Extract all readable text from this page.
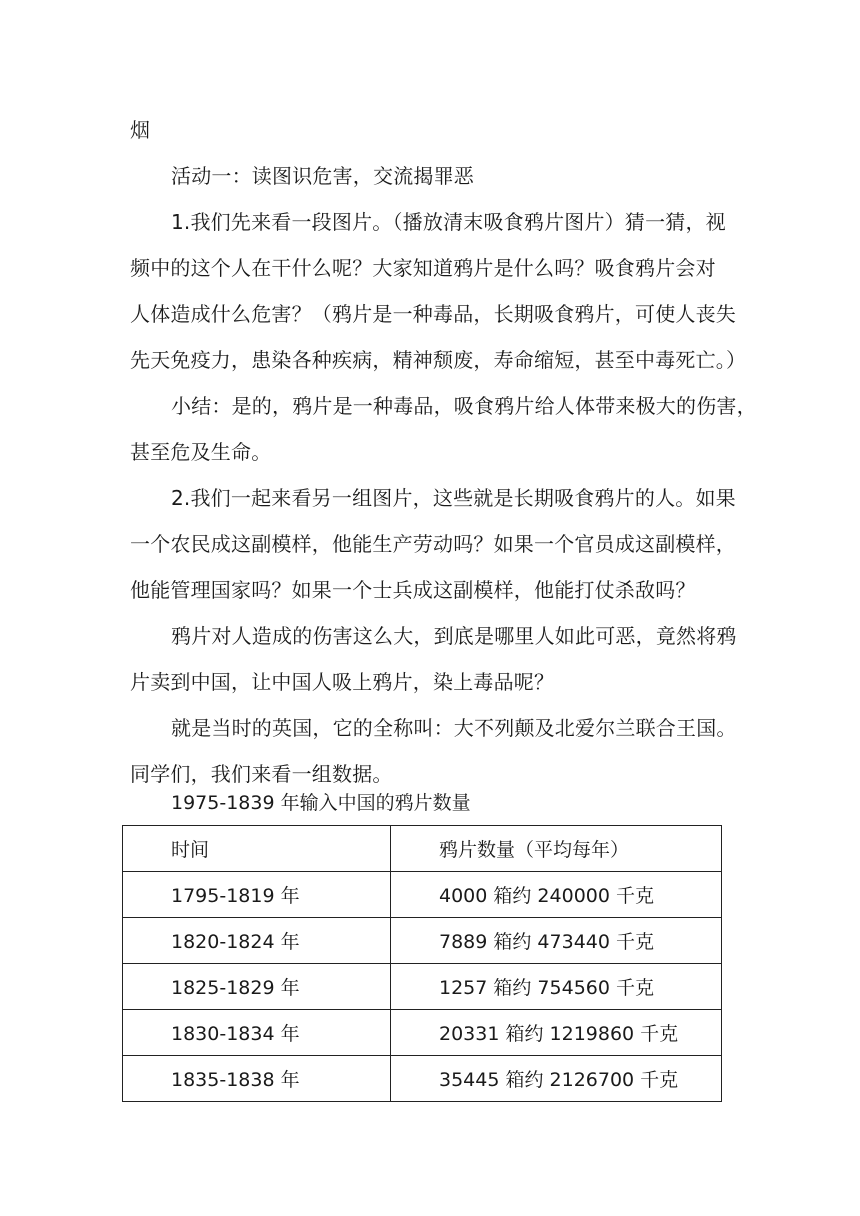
烟
活动一：读图识危害，交流揭罪恶
1.我们先来看一段图片。（播放清末吸食鸦片图片）猜一猜，视
频中的这个人在干什么呢？大家知道鸦片是什么吗？吸食鸦片会对
人体造成什么危害？（鸦片是一种毒品，长期吸食鸦片，可使人丧失
先天免疫力，患染各种疾病，精神颓废，寿命缩短，甚至中毒死亡。）
小结：是的，鸦片是一种毒品，吸食鸦片给人体带来极大的伤害，
甚至危及生命。
2.我们一起来看另一组图片，这些就是长期吸食鸦片的人。如果
一个农民成这副模样，他能生产劳动吗？如果一个官员成这副模样，
他能管理国家吗？如果一个士兵成这副模样，他能打仗杀敌吗？
鸦片对人造成的伤害这么大，到底是哪里人如此可恶，竟然将鸦
片卖到中国，让中国人吸上鸦片，染上毒品呢？
就是当时的英国，它的全称叫：大不列颠及北爱尔兰联合王国。
同学们，我们来看一组数据。
1975-1839 年输入中国的鸦片数量
时间	鸦片数量（平均每年）
1795-1819 年	4000 箱约 240000 千克
1820-1824 年	7889 箱约 473440 千克
1825-1829 年	1257 箱约 754560 千克
1830-1834 年	20331 箱约 1219860 千克
1835-1838 年	35445 箱约 2126700 千克
